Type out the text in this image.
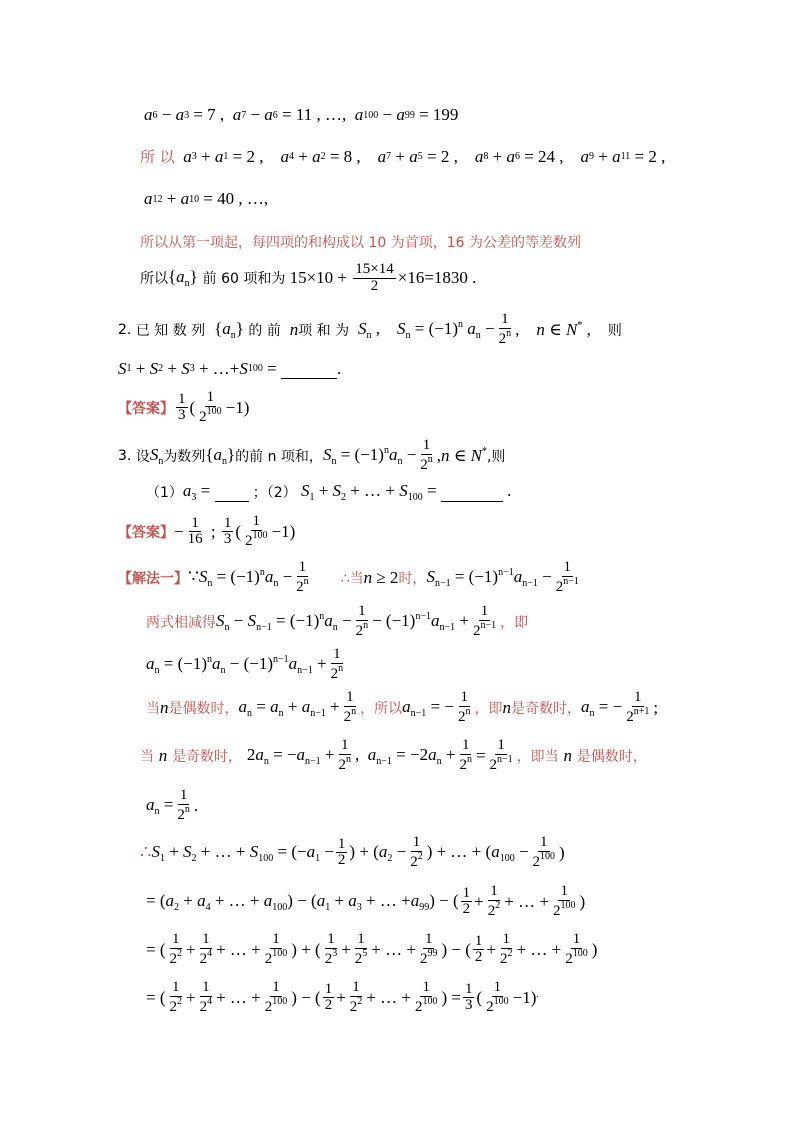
a 6 − a 3 = 7 , a 7 − a 6 = 11 , …, a 100 − a 99 = 199
所 以
a 3 + a 1 = 2 , a 4 + a 2 = 8 , a 7 + a 5 = 2 , a 8 + a 6 = 24 , a 9 + a 11 = 2 ,
a 12 + a 10 = 40 , …,
所以从第一项起，每四项的和构成以 10 为首项，16 为公差的等差数列
所以 $\{a_n\}$
前 60 项和为 $15\times 10 + \frac{15\times 14}{2} \times 16=1830$ .
2.
已 知 数 列
$\{a_n\}$
的 前
n 项 和 为
$S_n$ ,    $S_n = (-1)^n$ $a_n - \frac{1}{2^n}$ ,    n ∈ N* , 则
S 1 + S 2 + S 3 + …+ S 100 =
	.
【答案】 $\frac{1}{3}$ ( $\frac{1}{2^{100}} -1$)
3.
设 $S_n$ 为数列 $\{a_n\}$ 的前 n 项和， $S_n = (-1)^na_n - \frac{1}{2^n} ,n$ ∈ N* ,则
（1） $a_3$ =	；（2） $S_1 + S_2$ + … + $S_{100}$ =	.
【答案】 − $\frac{1}{16}$ ; $\frac{1}{3}$ ( $\frac{1}{2^{100}} -1$)
【解法一】 $\because S_n = (-1)^na_n - \frac{1}{2^n}$ ∴当 n ≥ 2 时， $S_{n-1} = (-1)^{n-1}a_{n-1} - \frac{1}{2^{n-1}}$
两式相减得 $S_n - S_{n-1} = (-1)^na_n - \frac{1}{2^n} - (-1)^{n-1}a_{n-1} + \frac{1}{2^{n-1}}$ ，即
$a_n = (-1)^na_n - (-1)^{n-1}a_{n-1} + \frac{1}{2^n}$
当 n 是偶数时， $a_n = a_n + a_{n-1} + \frac{1}{2^n}$ ，所以 $a_{n-1}$ = − $\frac{1}{2^n}$ ，即 n 是奇数时， $a_n$ = − $\frac{1}{2^{n+1}}$ ;
当
n
是奇数时，
$2a_n = -a_{n-1} + \frac{1}{2^n}$ ,  $a_{n-1} = -2a_n + \frac{1}{2^n} = \frac{1}{2^{n-1}}$ ，即当
n
是偶数时，
$a_n = \frac{1}{2^n}$ .
∴ $S_1 + S_2$ + … + $S_{100} = (-a_1 - \frac{1}{2}$ ) + ($a_2 - \frac{1}{2^2}$ ) + … + ($a_{100} - \frac{1}{2^{100}}$ )
= ($a_2 + a_4$ + … + $a_{100}) - (a_1 + a_3$ + … $+a_{99}$) − ( $\frac{1}{2} + \frac{1}{2^2}$ + … + $\frac{1}{2^{100}}$ )
= ( $\frac{1}{2^2} + \frac{1}{2^4}$ + … + $\frac{1}{2^{100}}$ ) + ( $\frac{1}{2^3} + \frac{1}{2^5}$ + … + $\frac{1}{2^{99}}$ ) − ( $\frac{1}{2} + \frac{1}{2^2}$ + … + $\frac{1}{2^{100}}$ )
= ( $\frac{1}{2^2} + \frac{1}{2^4}$ + … + $\frac{1}{2^{100}}$ ) − ( $\frac{1}{2} + \frac{1}{2^2}$ + … + $\frac{1}{2^{100}}$ ) = $\frac{1}{3}$ ( $\frac{1}{2^{100}} -1)^.$
